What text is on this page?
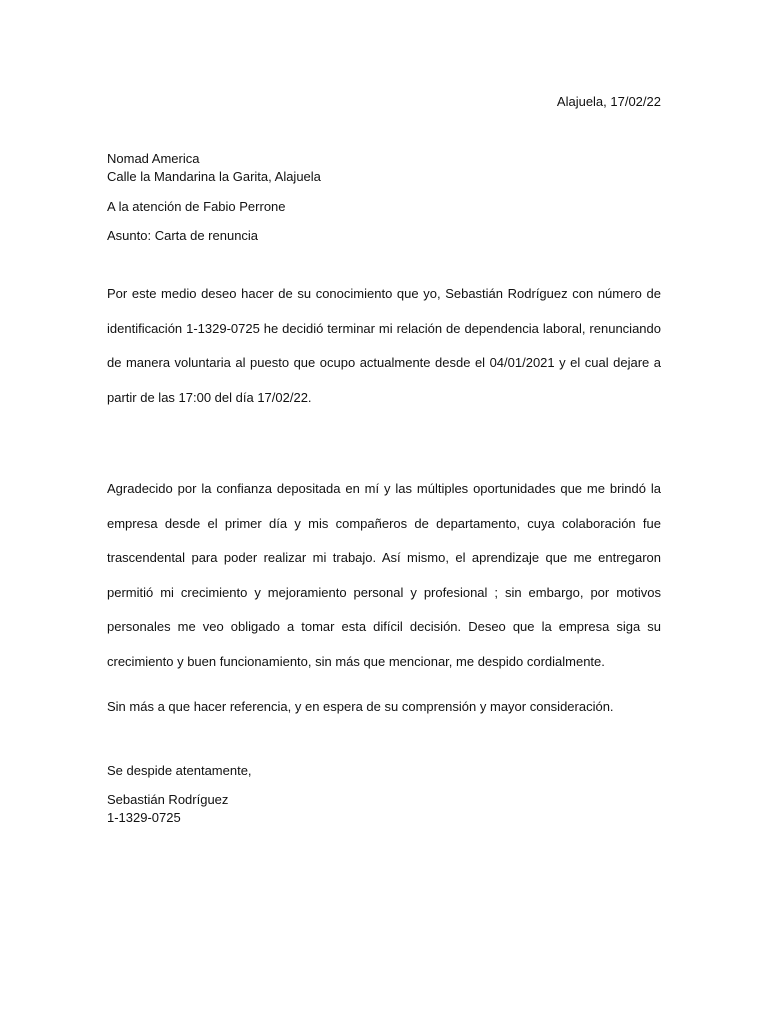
Alajuela, 17/02/22
Nomad America
Calle la Mandarina la Garita, Alajuela
A la atención de Fabio Perrone
Asunto: Carta de renuncia
Por este medio deseo hacer de su conocimiento que yo, Sebastián Rodríguez con número de identificación 1-1329-0725 he decidió terminar mi relación de dependencia laboral, renunciando de manera voluntaria al puesto que ocupo actualmente desde el 04/01/2021 y el cual dejare a partir de las 17:00 del día 17/02/22.
Agradecido por la confianza depositada en mí y las múltiples oportunidades que me brindó la empresa desde el primer día y mis compañeros de departamento, cuya colaboración fue trascendental para poder realizar mi trabajo. Así mismo, el aprendizaje que me entregaron permitió mi crecimiento y mejoramiento personal y profesional ; sin embargo, por motivos personales me veo obligado a tomar esta difícil decisión. Deseo que la empresa siga su crecimiento y buen funcionamiento, sin más que mencionar, me despido cordialmente.
Sin más a que hacer referencia, y en espera de su comprensión y mayor consideración.
Se despide atentamente,
Sebastián Rodríguez
1-1329-0725
